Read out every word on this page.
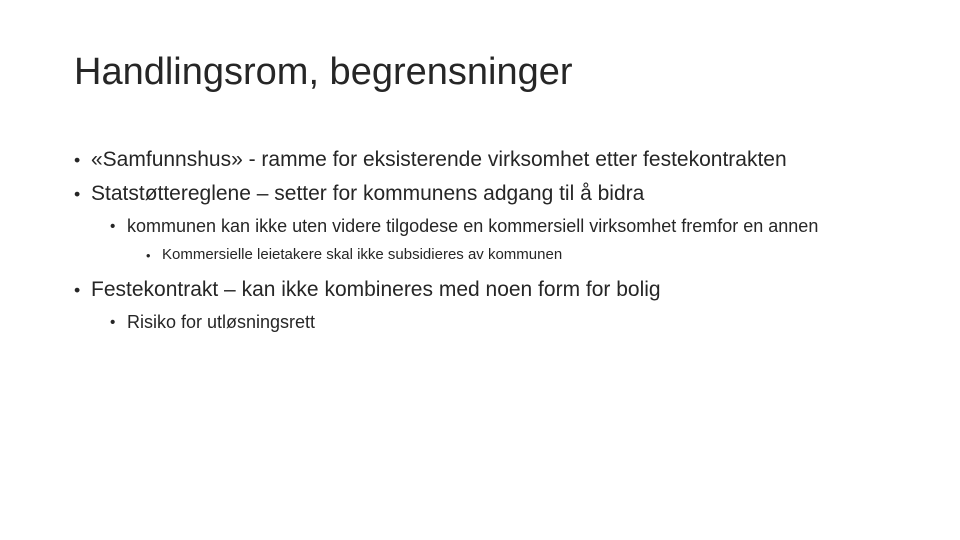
Handlingsrom, begrensninger
• «Samfunnshus» - ramme for eksisterende virksomhet etter festekontrakten
• Statstøttereglene – setter for kommunens adgang til å bidra
• kommunen kan ikke uten videre tilgodese en kommersiell virksomhet fremfor en annen
• Kommersielle leietakere skal ikke subsidieres av kommunen
• Festekontrakt – kan ikke kombineres med noen form for bolig
• Risiko for utløsningsrett
